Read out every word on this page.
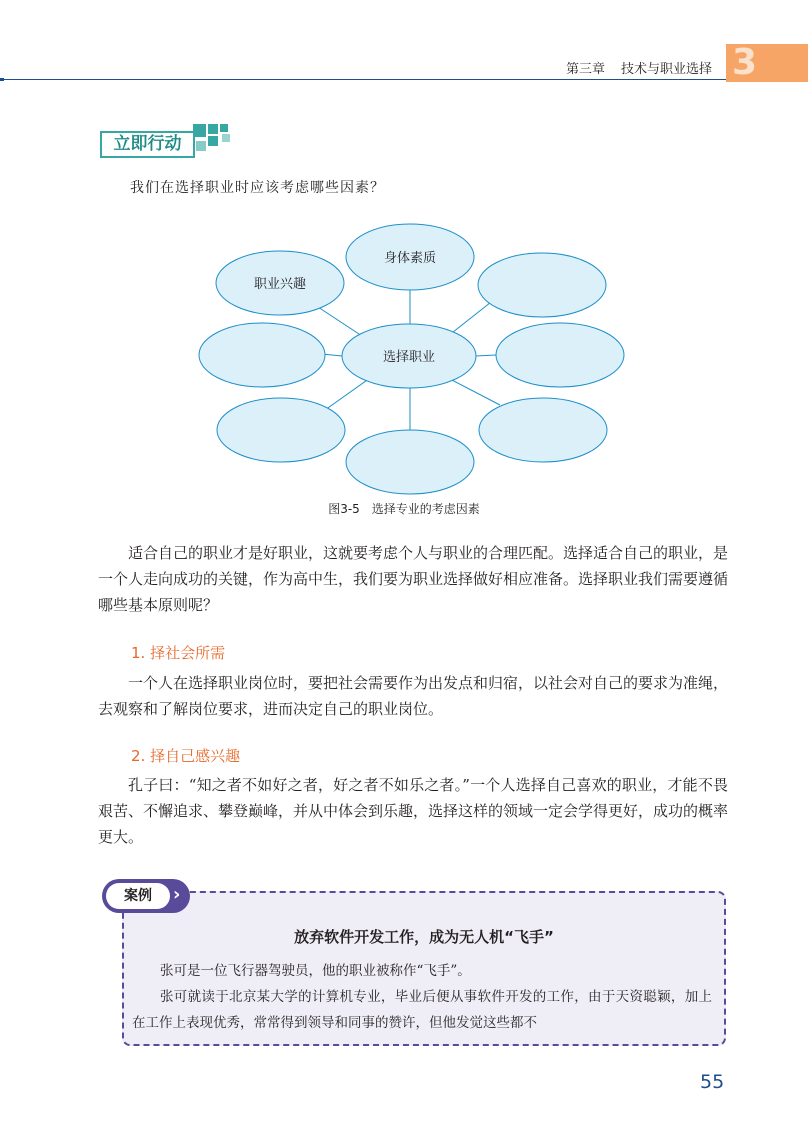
第三章 技术与职业选择 3
立即行动
我们在选择职业时应该考虑哪些因素？
身体素质
职业兴趣
选择职业
图3-5　选择专业的考虑因素

适合自己的职业才是好职业，这就要考虑个人与职业的合理匹配。选择适合自己的职业，是一个人走向成功的关键，作为高中生，我们要为职业选择做好相应准备。选择职业我们需要遵循哪些基本原则呢？

1. 择社会所需

一个人在选择职业岗位时，要把社会需要作为出发点和归宿，以社会对自己的要求为准绳，去观察和了解岗位要求，进而决定自己的职业岗位。

2. 择自己感兴趣

孔子曰：“知之者不如好之者，好之者不如乐之者。”一个人选择自己喜欢的职业，才能不畏艰苦、不懈追求、攀登巅峰，并从中体会到乐趣，选择这样的领域一定会学得更好，成功的概率更大。

案例	›
放弃软件开发工作，成为无人机“飞手”

张可是一位飞行器驾驶员，他的职业被称作“飞手”。

张可就读于北京某大学的计算机专业，毕业后便从事软件开发的工作，由于天资聪颖，加上在工作上表现优秀，常常得到领导和同事的赞许，但他发觉这些都不

55
